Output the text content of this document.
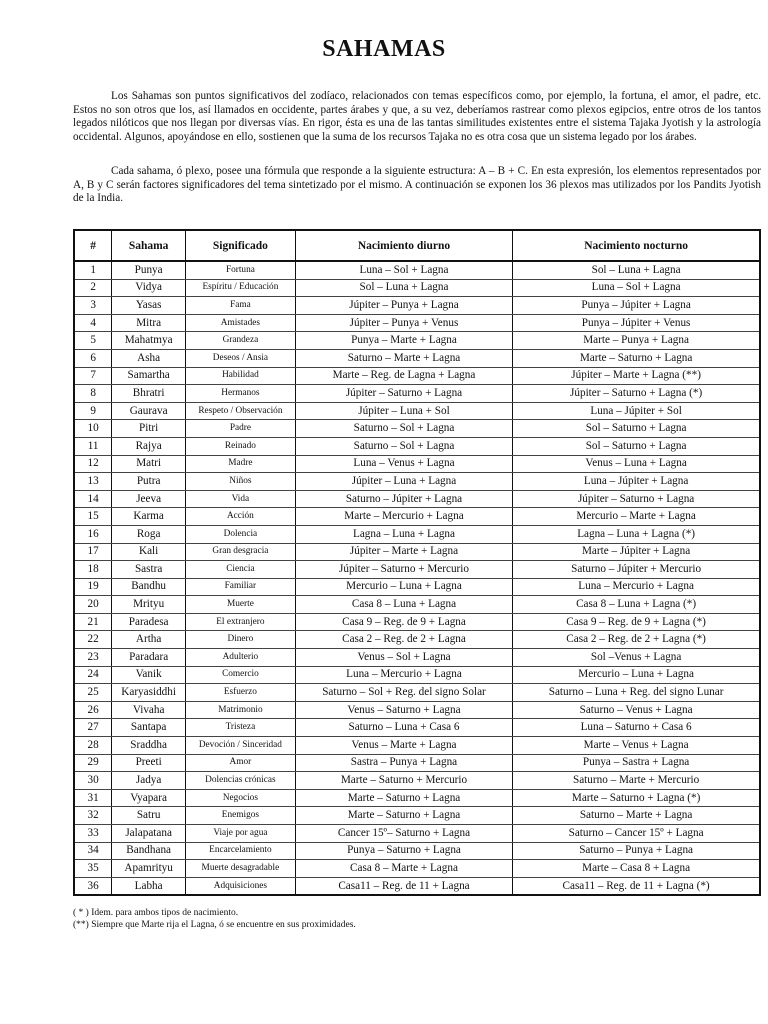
SAHAMAS

Los Sahamas son puntos significativos del zodíaco, relacionados con temas específicos como, por ejemplo, la fortuna, el amor, el padre, etc. Estos no son otros que los, así llamados en occidente, partes árabes y que, a su vez, deberíamos rastrear como plexos egipcios, entre otros de los tantos legados nilóticos que nos llegan por diversas vías. En rigor, ésta es una de las tantas similitudes existentes entre el sistema Tajaka Jyotish y la astrología occidental. Algunos, apoyándose en ello, sostienen que la suma de los recursos Tajaka no es otra cosa que un sistema legado por los árabes.

Cada sahama, ó plexo, posee una fórmula que responde a la siguiente estructura: A – B + C. En esta expresión, los elementos representados por A, B y C serán factores significadores del tema sintetizado por el mismo. A continuación se exponen los 36 plexos mas utilizados por los Pandits Jyotish de la India.

#	Sahama	Significado	Nacimiento diurno	Nacimiento nocturno
1	Punya	Fortuna	Luna – Sol + Lagna	Sol – Luna + Lagna
2	Vidya	Espíritu / Educación	Sol – Luna + Lagna	Luna – Sol + Lagna
3	Yasas	Fama	Júpiter – Punya + Lagna	Punya – Júpiter + Lagna
4	Mitra	Amistades	Júpiter – Punya + Venus	Punya – Júpiter + Venus
5	Mahatmya	Grandeza	Punya – Marte + Lagna	Marte – Punya + Lagna
6	Asha	Deseos / Ansia	Saturno – Marte + Lagna	Marte – Saturno + Lagna
7	Samartha	Habilidad	Marte – Reg. de Lagna + Lagna	Júpiter – Marte + Lagna (**)
8	Bhratri	Hermanos	Júpiter – Saturno + Lagna	Júpiter – Saturno + Lagna (*)
9	Gaurava	Respeto / Observación	Júpiter – Luna + Sol	Luna – Júpiter + Sol
10	Pitri	Padre	Saturno – Sol + Lagna	Sol – Saturno + Lagna
11	Rajya	Reinado	Saturno – Sol + Lagna	Sol – Saturno + Lagna
12	Matri	Madre	Luna – Venus + Lagna	Venus – Luna + Lagna
13	Putra	Niños	Júpiter – Luna + Lagna	Luna – Júpiter + Lagna
14	Jeeva	Vida	Saturno – Júpiter + Lagna	Júpiter – Saturno + Lagna
15	Karma	Acción	Marte – Mercurio + Lagna	Mercurio – Marte + Lagna
16	Roga	Dolencia	Lagna – Luna + Lagna	Lagna – Luna + Lagna (*)
17	Kali	Gran desgracia	Júpiter – Marte + Lagna	Marte – Júpiter + Lagna
18	Sastra	Ciencia	Júpiter – Saturno + Mercurio	Saturno – Júpiter + Mercurio
19	Bandhu	Familiar	Mercurio – Luna + Lagna	Luna – Mercurio + Lagna
20	Mrityu	Muerte	Casa 8 – Luna + Lagna	Casa 8 – Luna + Lagna (*)
21	Paradesa	El extranjero	Casa 9 – Reg. de 9 + Lagna	Casa 9 – Reg. de 9 + Lagna (*)
22	Artha	Dinero	Casa 2 – Reg. de 2 + Lagna	Casa 2 – Reg. de 2 + Lagna (*)
23	Paradara	Adulterio	Venus – Sol + Lagna	Sol –Venus + Lagna
24	Vanik	Comercio	Luna – Mercurio + Lagna	Mercurio – Luna + Lagna
25	Karyasiddhi	Esfuerzo	Saturno – Sol + Reg. del signo Solar	Saturno – Luna + Reg. del signo Lunar
26	Vivaha	Matrimonio	Venus – Saturno + Lagna	Saturno – Venus + Lagna
27	Santapa	Tristeza	Saturno – Luna + Casa 6	Luna – Saturno + Casa 6
28	Sraddha	Devoción / Sinceridad	Venus – Marte + Lagna	Marte – Venus + Lagna
29	Preeti	Amor	Sastra – Punya + Lagna	Punya – Sastra + Lagna
30	Jadya	Dolencias crónicas	Marte – Saturno + Mercurio	Saturno – Marte + Mercurio
31	Vyapara	Negocios	Marte – Saturno + Lagna	Marte – Saturno + Lagna (*)
32	Satru	Enemigos	Marte – Saturno + Lagna	Saturno – Marte + Lagna
33	Jalapatana	Viaje por agua	Cancer 15º– Saturno + Lagna	Saturno – Cancer 15º + Lagna
34	Bandhana	Encarcelamiento	Punya – Saturno + Lagna	Saturno – Punya + Lagna
35	Apamrityu	Muerte desagradable	Casa 8 – Marte + Lagna	Marte – Casa 8 + Lagna
36	Labha	Adquisiciones	Casa11 – Reg. de 11 + Lagna	Casa11 – Reg. de 11 + Lagna (*)
( * ) Idem. para ambos tipos de nacimiento.
(**) Siempre que Marte rija el Lagna, ó se encuentre en sus proximidades.
